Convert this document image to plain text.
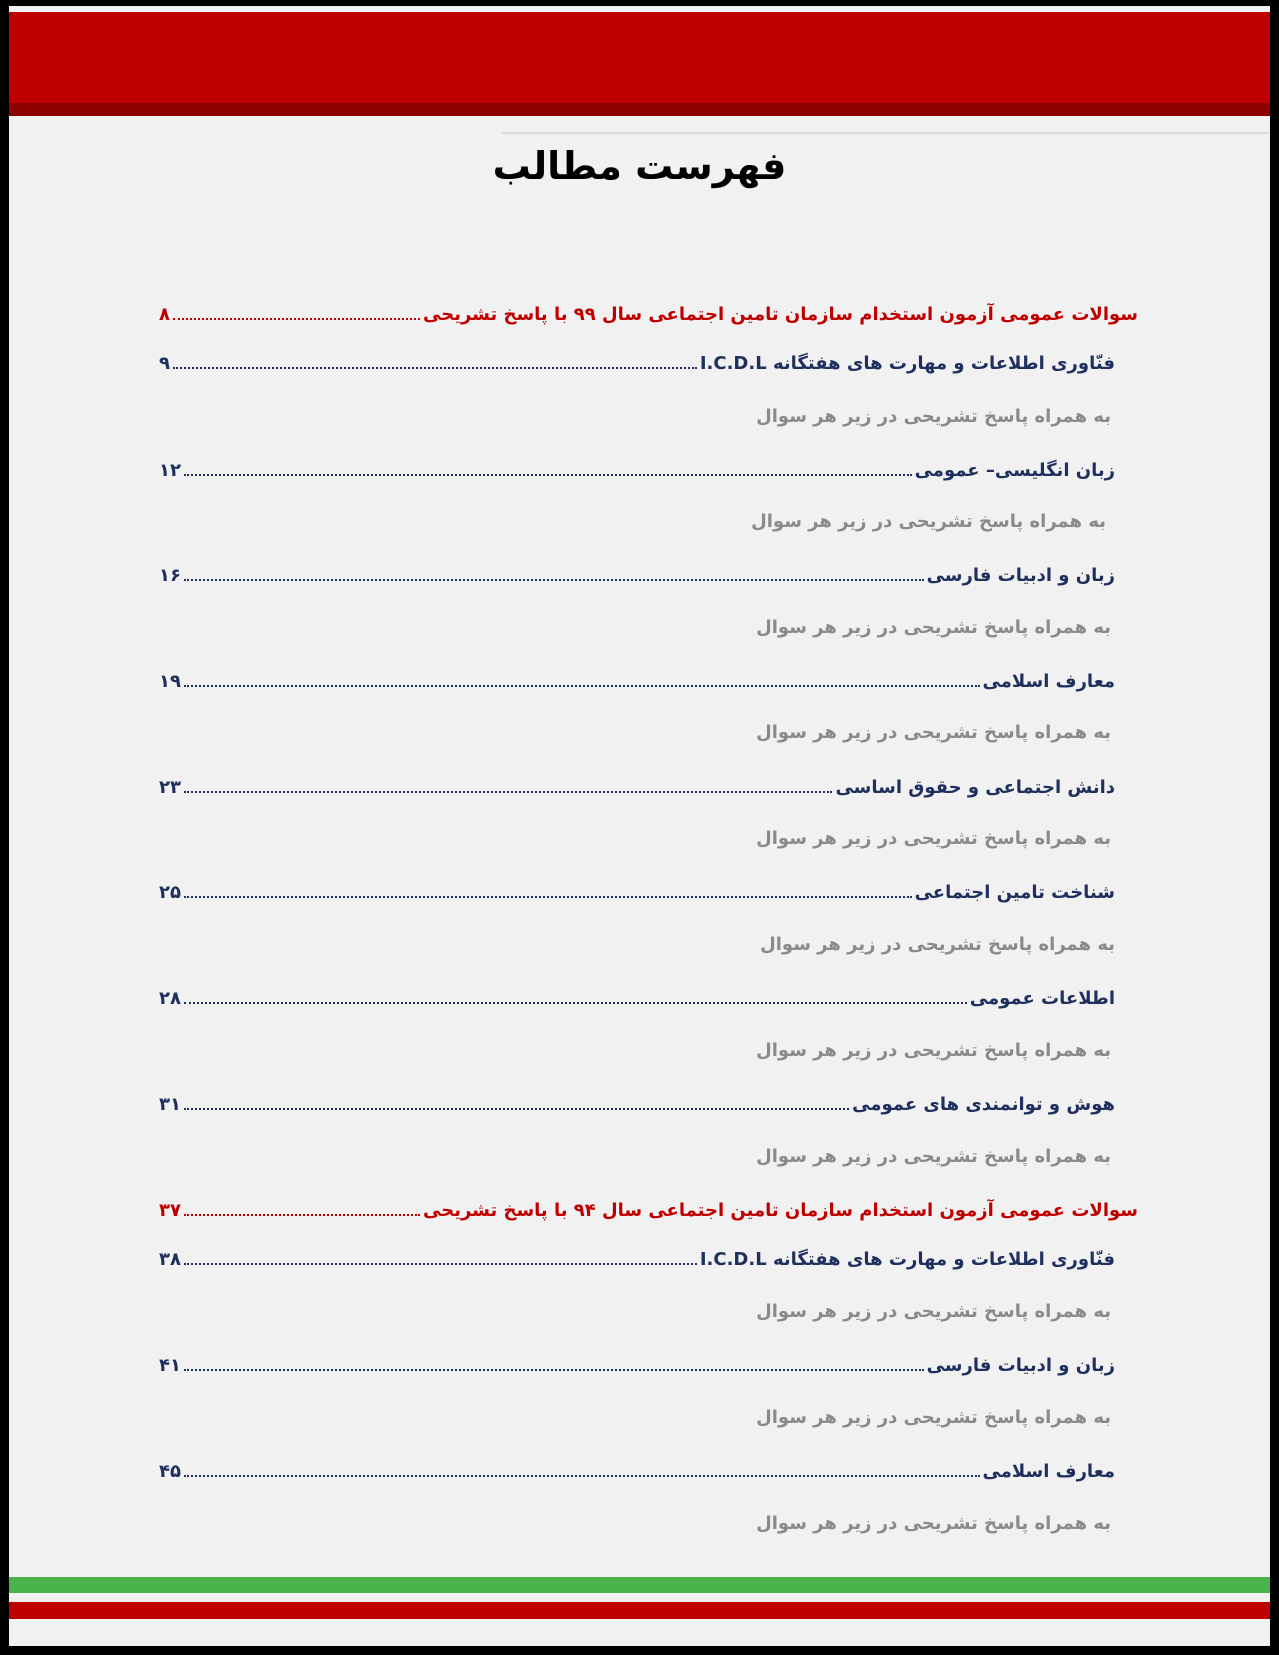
فهرست مطالب
سوالات عمومی آزمون استخدام سازمان تامین اجتماعی سال ۹۹ با پاسخ تشریحی
۸
فنّاوری اطلاعات و مهارت های هفتگانه I.C.D.L
۹
به همراه پاسخ تشریحی در زیر هر سوال
زبان انگلیسی– عمومی
۱۲
به همراه پاسخ تشریحی در زیر هر سوال
زبان و ادبیات فارسی
۱۶
به همراه پاسخ تشریحی در زیر هر سوال
معارف اسلامی
۱۹
به همراه پاسخ تشریحی در زیر هر سوال
دانش اجتماعی و حقوق اساسی
۲۳
به همراه پاسخ تشریحی در زیر هر سوال
شناخت تامین اجتماعی
۲۵
به همراه پاسخ تشریحی در زیر هر سوال
اطلاعات عمومی
۲۸
به همراه پاسخ تشریحی در زیر هر سوال
هوش و توانمندی های عمومی
۳۱
به همراه پاسخ تشریحی در زیر هر سوال
سوالات عمومی آزمون استخدام سازمان تامین اجتماعی سال ۹۴ با پاسخ تشریحی
۳۷
فنّاوری اطلاعات و مهارت های هفتگانه I.C.D.L
۳۸
به همراه پاسخ تشریحی در زیر هر سوال
زبان و ادبیات فارسی
۴۱
به همراه پاسخ تشریحی در زیر هر سوال
معارف اسلامی
۴۵
به همراه پاسخ تشریحی در زیر هر سوال
